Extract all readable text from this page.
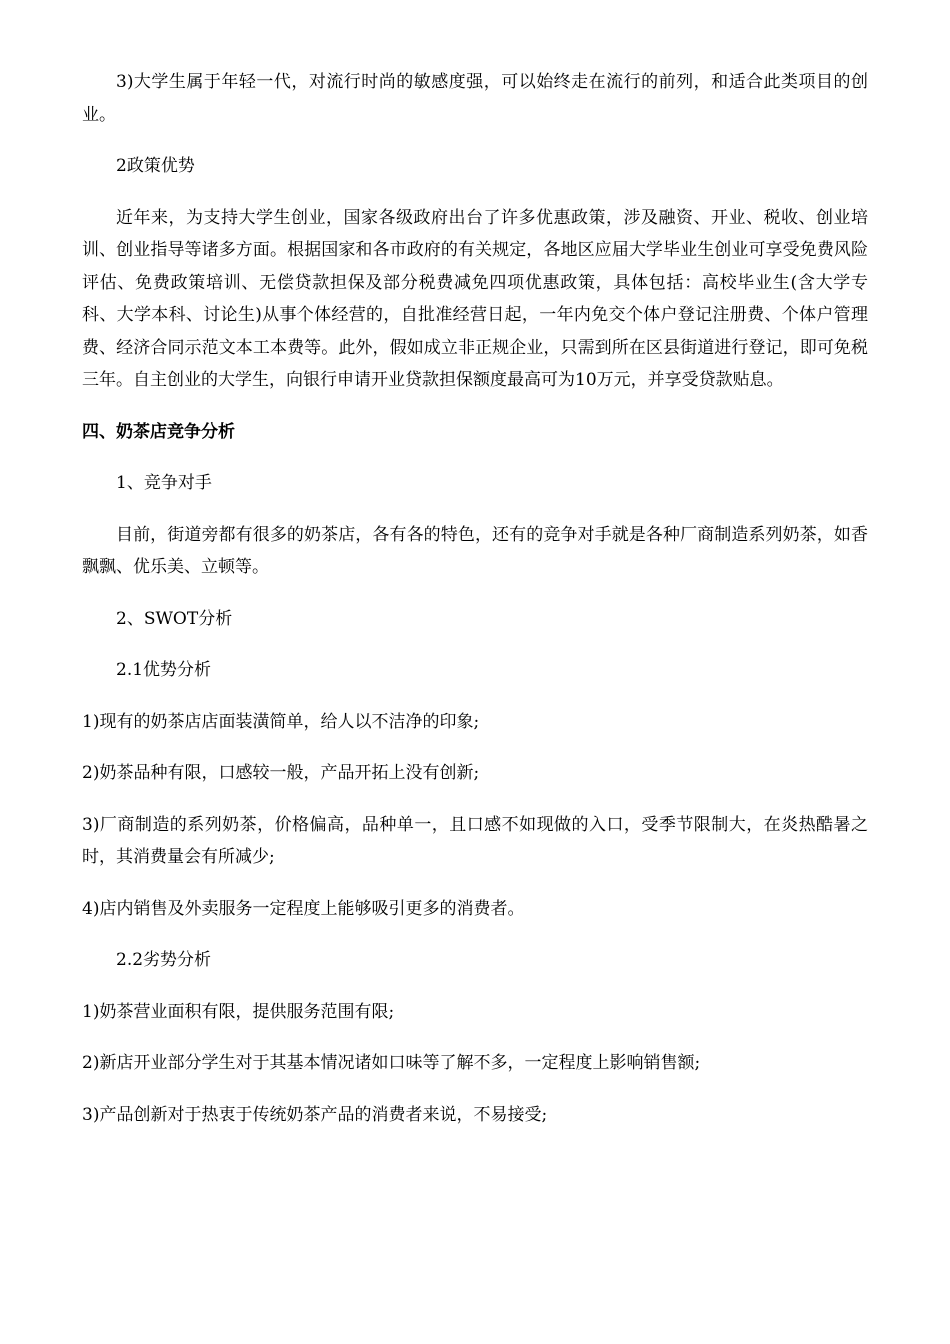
3)大学生属于年轻一代，对流行时尚的敏感度强，可以始终走在流行的前列，和适合此类项目的创业。

2政策优势

近年来，为支持大学生创业，国家各级政府出台了许多优惠政策，涉及融资、开业、税收、创业培训、创业指导等诸多方面。根据国家和各市政府的有关规定，各地区应届大学毕业生创业可享受免费风险评估、免费政策培训、无偿贷款担保及部分税费减免四项优惠政策，具体包括：高校毕业生(含大学专科、大学本科、讨论生)从事个体经营的，自批准经营日起，一年内免交个体户登记注册费、个体户管理费、经济合同示范文本工本费等。此外，假如成立非正规企业，只需到所在区县街道进行登记，即可免税三年。自主创业的大学生，向银行申请开业贷款担保额度最高可为10万元，并享受贷款贴息。

四、奶茶店竞争分析

1、竞争对手

目前，街道旁都有很多的奶茶店，各有各的特色，还有的竞争对手就是各种厂商制造系列奶茶，如香飘飘、优乐美、立顿等。

2、SWOT分析

2.1优势分析

1)现有的奶茶店店面装潢简单，给人以不洁净的印象;

2)奶茶品种有限，口感较一般，产品开拓上没有创新;

3)厂商制造的系列奶茶，价格偏高，品种单一，且口感不如现做的入口，受季节限制大，在炎热酷暑之时，其消费量会有所减少;

4)店内销售及外卖服务一定程度上能够吸引更多的消费者。

2.2劣势分析

1)奶茶营业面积有限，提供服务范围有限;

2)新店开业部分学生对于其基本情况诸如口味等了解不多，一定程度上影响销售额;

3)产品创新对于热衷于传统奶茶产品的消费者来说，不易接受;
